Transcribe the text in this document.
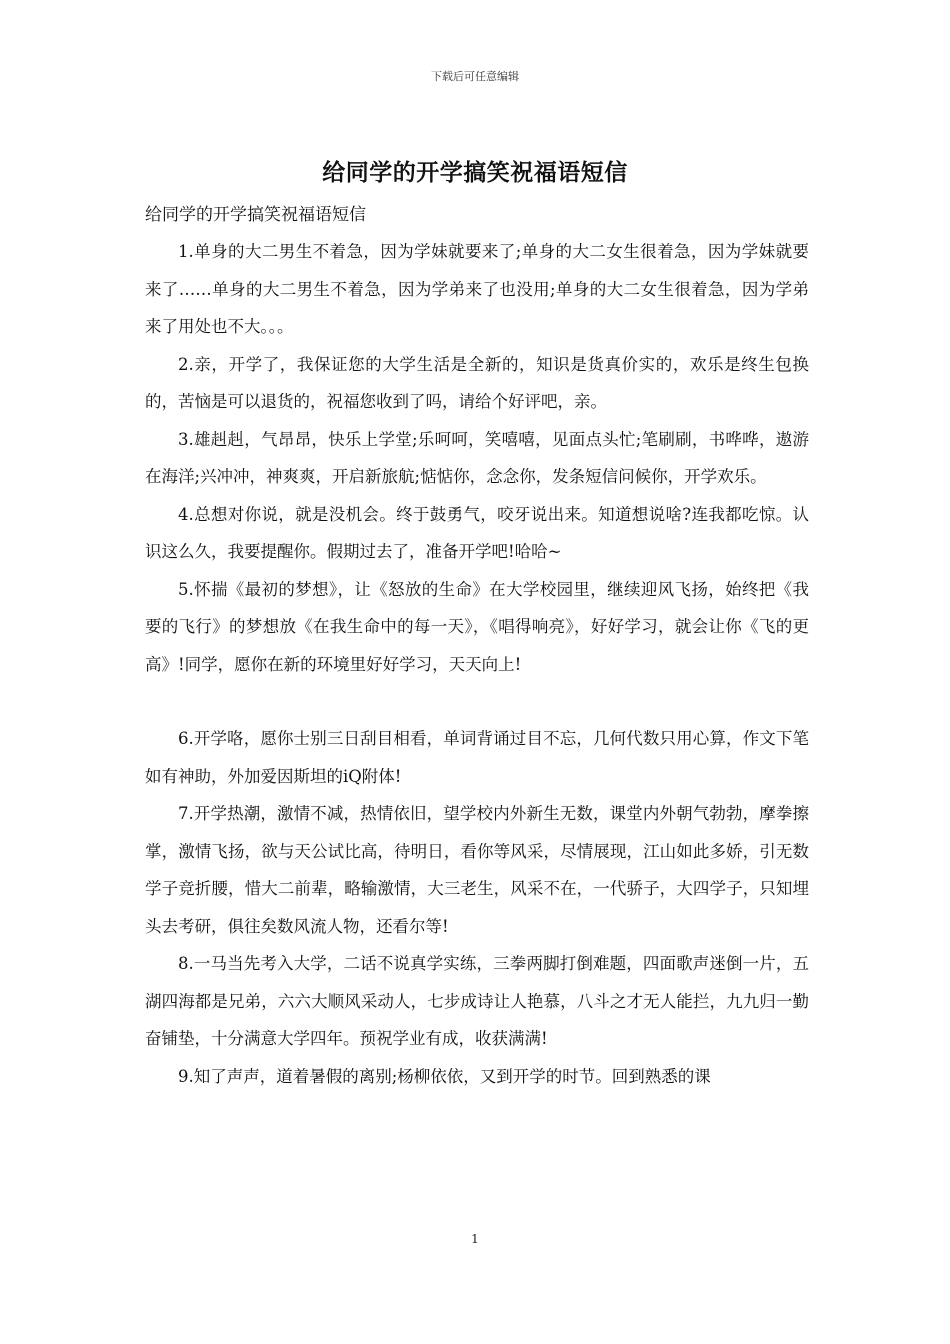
下载后可任意编辑
给同学的开学搞笑祝福语短信
给同学的开学搞笑祝福语短信

1.单身的大二男生不着急，因为学妹就要来了;单身的大二女生很着急，因为学妹就要来了……单身的大二男生不着急，因为学弟来了也没用;单身的大二女生很着急，因为学弟来了用处也不大。。。

2.亲，开学了，我保证您的大学生活是全新的，知识是货真价实的，欢乐是终生包换的，苦恼是可以退货的，祝福您收到了吗，请给个好评吧，亲。

3.雄赳赳，气昂昂，快乐上学堂;乐呵呵，笑嘻嘻，见面点头忙;笔刷刷，书哗哗，遨游在海洋;兴冲冲，神爽爽，开启新旅航;惦惦你，念念你，发条短信问候你，开学欢乐。

4.总想对你说，就是没机会。终于鼓勇气，咬牙说出来。知道想说啥?连我都吃惊。认识这么久，我要提醒你。假期过去了，准备开学吧!哈哈~

5.怀揣《最初的梦想》，让《怒放的生命》在大学校园里，继续迎风飞扬，始终把《我要的飞行》的梦想放《在我生命中的每一天》，《唱得响亮》，好好学习，就会让你《飞的更高》!同学，愿你在新的环境里好好学习，天天向上!

6.开学咯，愿你士别三日刮目相看，单词背诵过目不忘，几何代数只用心算，作文下笔如有神助，外加爱因斯坦的iQ附体!

7.开学热潮，激情不减，热情依旧，望学校内外新生无数，课堂内外朝气勃勃，摩拳擦掌，激情飞扬，欲与天公试比高，待明日，看你等风采，尽情展现，江山如此多娇，引无数学子竞折腰，惜大二前辈，略输激情，大三老生，风采不在，一代骄子，大四学子，只知埋头去考研，俱往矣数风流人物，还看尔等!

8.一马当先考入大学，二话不说真学实练，三拳两脚打倒难题，四面歌声迷倒一片，五湖四海都是兄弟，六六大顺风采动人，七步成诗让人艳慕，八斗之才无人能拦，九九归一勤奋铺垫，十分满意大学四年。预祝学业有成，收获满满!

9.知了声声，道着暑假的离别;杨柳依依，又到开学的时节。回到熟悉的课

1
